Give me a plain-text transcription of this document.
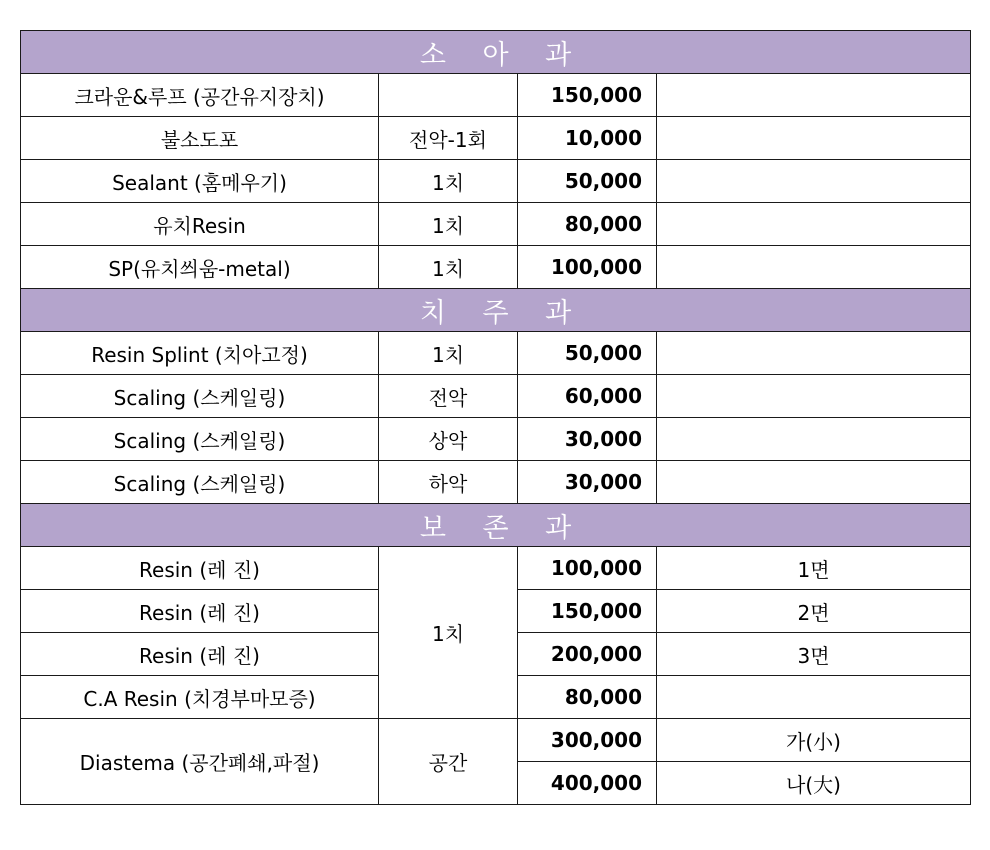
소 아 과			
크라운&루프 (공간유지장치)		150,000	
불소도포	전악-1회	10,000	
Sealant (홈메우기)	1치	50,000	
유치Resin	1치	80,000	
SP(유치씌움-metal)	1치	100,000	
치 주 과			
Resin Splint (치아고정)	1치	50,000	
Scaling (스케일링)	전악	60,000	
Scaling (스케일링)	상악	30,000	
Scaling (스케일링)	하악	30,000	
보 존 과			
Resin (레 진)	1치	100,000	1면
Resin (레 진)		150,000	2면
Resin (레 진)		200,000	3면
C.A Resin (치경부마모증)		80,000	
Diastema (공간폐쇄,파절)	공간	300,000	가(小)
		400,000	나(大)
